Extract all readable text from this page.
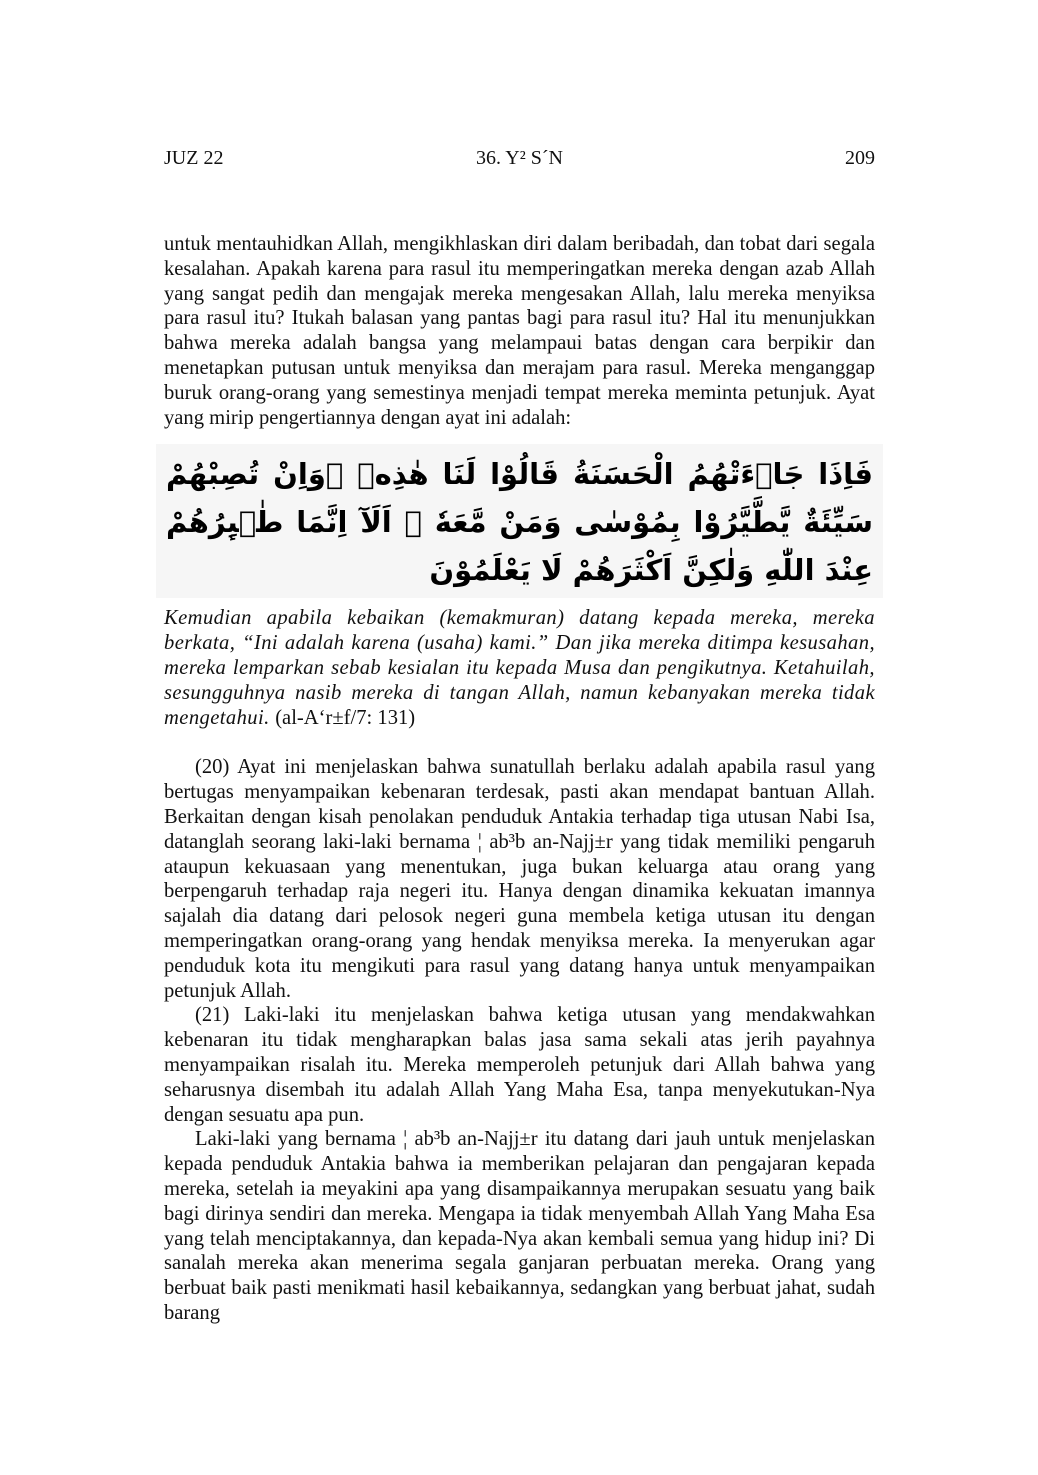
JUZ 22	36. Y² S´N	209

untuk mentauhidkan Allah, mengikhlaskan diri dalam beribadah, dan tobat dari segala kesalahan. Apakah karena para rasul itu memperingatkan mereka dengan azab Allah yang sangat pedih dan mengajak mereka mengesakan Allah, lalu mereka menyiksa para rasul itu? Itukah balasan yang pantas bagi para rasul itu? Hal itu menunjukkan bahwa mereka adalah bangsa yang melampaui batas dengan cara berpikir dan menetapkan putusan untuk menyiksa dan merajam para rasul. Mereka menganggap buruk orang-orang yang semestinya menjadi tempat mereka meminta petunjuk. Ayat yang mirip pengertiannya dengan ayat ini adalah:

فَاِذَا جَاۤءَتْهُمُ الْحَسَنَةُ قَالُوْا لَنَا هٰذِهٖ ۚوَاِنْ تُصِبْهُمْ سَيِّئَةٌ يَّطَّيَّرُوْا بِمُوْسٰى وَمَنْ مَّعَهٗ ۗ اَلَآ اِنَّمَا طٰۤىِٕرُهُمْ عِنْدَ اللّٰهِ وَلٰكِنَّ اَكْثَرَهُمْ لَا يَعْلَمُوْنَ

Kemudian apabila kebaikan (kemakmuran) datang kepada mereka, mereka berkata, “Ini adalah karena (usaha) kami.” Dan jika mereka ditimpa kesusahan, mereka lemparkan sebab kesialan itu kepada Musa dan pengikutnya. Ketahuilah, sesungguhnya nasib mereka di tangan Allah, namun kebanyakan mereka tidak mengetahui. (al-A‘r±f/7: 131)

(20) Ayat ini menjelaskan bahwa sunatullah berlaku adalah apabila rasul yang bertugas menyampaikan kebenaran terdesak, pasti akan mendapat bantuan Allah. Berkaitan dengan kisah penolakan penduduk Antakia terhadap tiga utusan Nabi Isa, datanglah seorang laki-laki bernama ¦ ab³b an-Najj±r yang tidak memiliki pengaruh ataupun kekuasaan yang menentukan, juga bukan keluarga atau orang yang berpengaruh terhadap raja negeri itu. Hanya dengan dinamika kekuatan imannya sajalah dia datang dari pelosok negeri guna membela ketiga utusan itu dengan memperingatkan orang-orang yang hendak menyiksa mereka. Ia menyerukan agar penduduk kota itu mengikuti para rasul yang datang hanya untuk menyampaikan petunjuk Allah.

(21) Laki-laki itu menjelaskan bahwa ketiga utusan yang mendakwahkan kebenaran itu tidak mengharapkan balas jasa sama sekali atas jerih payahnya menyampaikan risalah itu. Mereka memperoleh petunjuk dari Allah bahwa yang seharusnya disembah itu adalah Allah Yang Maha Esa, tanpa menyekutukan-Nya dengan sesuatu apa pun.

Laki-laki yang bernama ¦ ab³b an-Najj±r itu datang dari jauh untuk menjelaskan kepada penduduk Antakia bahwa ia memberikan pelajaran dan pengajaran kepada mereka, setelah ia meyakini apa yang disampaikannya merupakan sesuatu yang baik bagi dirinya sendiri dan mereka. Mengapa ia tidak menyembah Allah Yang Maha Esa yang telah menciptakannya, dan kepada-Nya akan kembali semua yang hidup ini? Di sanalah mereka akan menerima segala ganjaran perbuatan mereka. Orang yang berbuat baik pasti menikmati hasil kebaikannya, sedangkan yang berbuat jahat, sudah barang
